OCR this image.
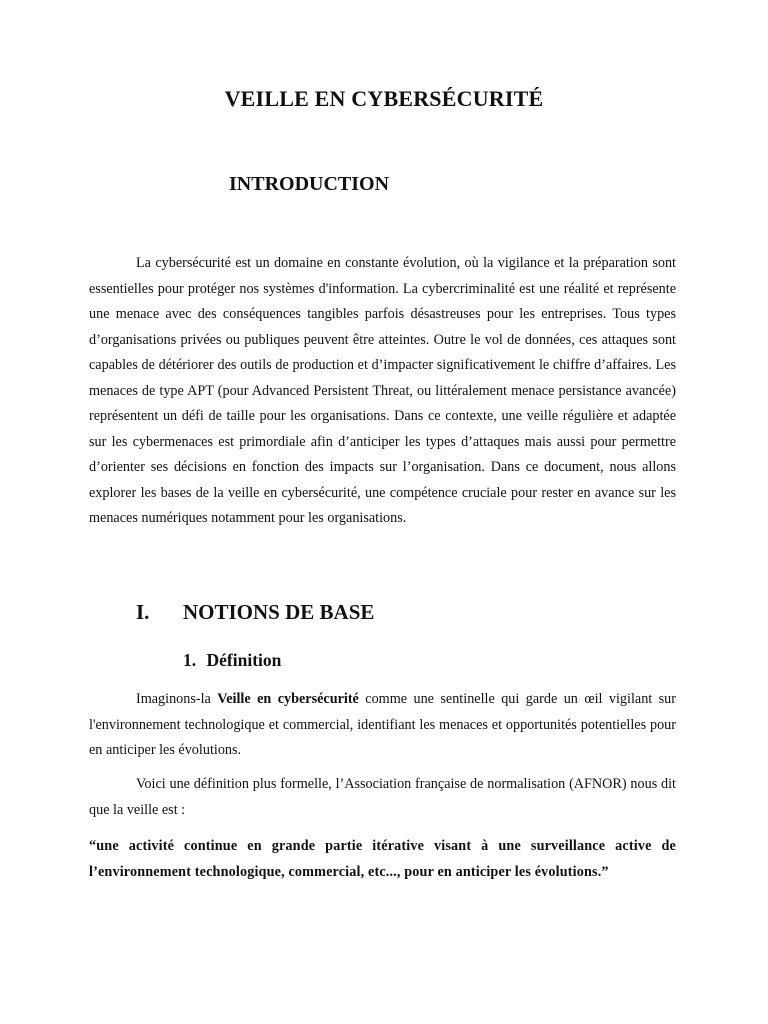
VEILLE EN CYBERSÉCURITÉ
INTRODUCTION

La cybersécurité est un domaine en constante évolution, où la vigilance et la préparation sont essentielles pour protéger nos systèmes d'information. La cybercriminalité est une réalité et représente une menace avec des conséquences tangibles parfois désastreuses pour les entreprises. Tous types d’organisations privées ou publiques peuvent être atteintes. Outre le vol de données, ces attaques sont capables de détériorer des outils de production et d’impacter significativement le chiffre d’affaires. Les menaces de type APT (pour Advanced Persistent Threat, ou littéralement menace persistance avancée) représentent un défi de taille pour les organisations. Dans ce contexte, une veille régulière et adaptée sur les cybermenaces est primordiale afin d’anticiper les types d’attaques mais aussi pour permettre d’orienter ses décisions en fonction des impacts sur l’organisation. Dans ce document, nous allons explorer les bases de la veille en cybersécurité, une compétence cruciale pour rester en avance sur les menaces numériques notamment pour les organisations.

I.	NOTIONS DE BASE
1. Définition

Imaginons-la Veille en cybersécurité comme une sentinelle qui garde un œil vigilant sur l'environnement technologique et commercial, identifiant les menaces et opportunités potentielles pour en anticiper les évolutions.

Voici une définition plus formelle, l’Association française de normalisation (AFNOR) nous dit que la veille est :

“une activité continue en grande partie itérative visant à une surveillance active de l’environnement technologique, commercial, etc..., pour en anticiper les évolutions.”
